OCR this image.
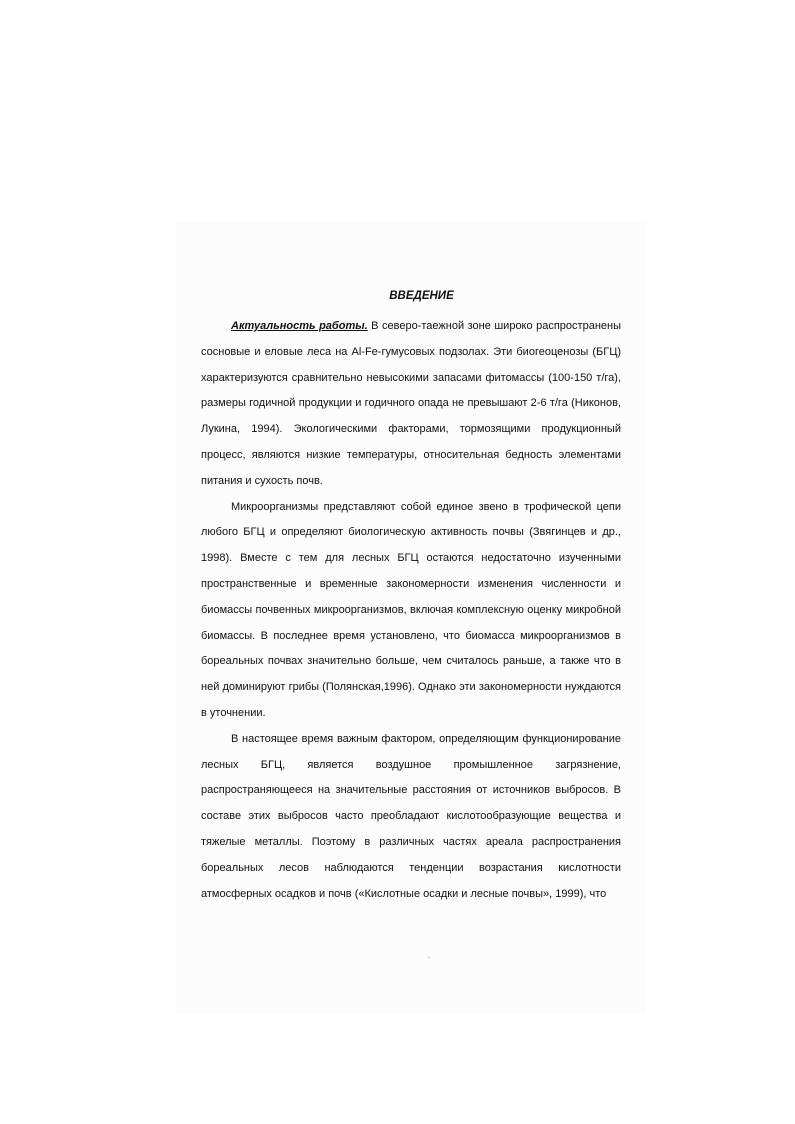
ВВЕДЕНИЕ

Актуальность работы. В северо-таежной зоне широко распространены сосновые и еловые леса на Al-Fe-гумусовых подзолах. Эти биогеоценозы (БГЦ) характеризуются сравнительно невысокими запасами фитомассы (100-150 т/га), размеры годичной продукции и годичного опада не превышают 2-6 т/га (Никонов, Лукина, 1994). Экологическими факторами, тормозящими продукционный процесс, являются низкие температуры, относительная бедность элементами питания и сухость почв.

Микроорганизмы представляют собой единое звено в трофической цепи любого БГЦ и определяют биологическую активность почвы (Звягинцев и др., 1998). Вместе с тем для лесных БГЦ остаются недостаточно изученными пространственные и временные закономерности изменения численности и биомассы почвенных микроорганизмов, включая комплексную оценку микробной биомассы. В последнее время установлено, что биомасса микроорганизмов в бореальных почвах значительно больше, чем считалось раньше, а также что в ней доминируют грибы (Полянская,1996). Однако эти закономерности нуждаются в уточнении.

В настоящее время важным фактором, определяющим функционирование лесных БГЦ, является воздушное промышленное загрязнение, распространяющееся на значительные расстояния от источников выбросов. В составе этих выбросов часто преобладают кислотообразующие вещества и тяжелые металлы. Поэтому в различных частях ареала распространения бореальных лесов наблюдаются тенденции возрастания кислотности атмосферных осадков и почв («Кислотные осадки и лесные почвы», 1999), что
